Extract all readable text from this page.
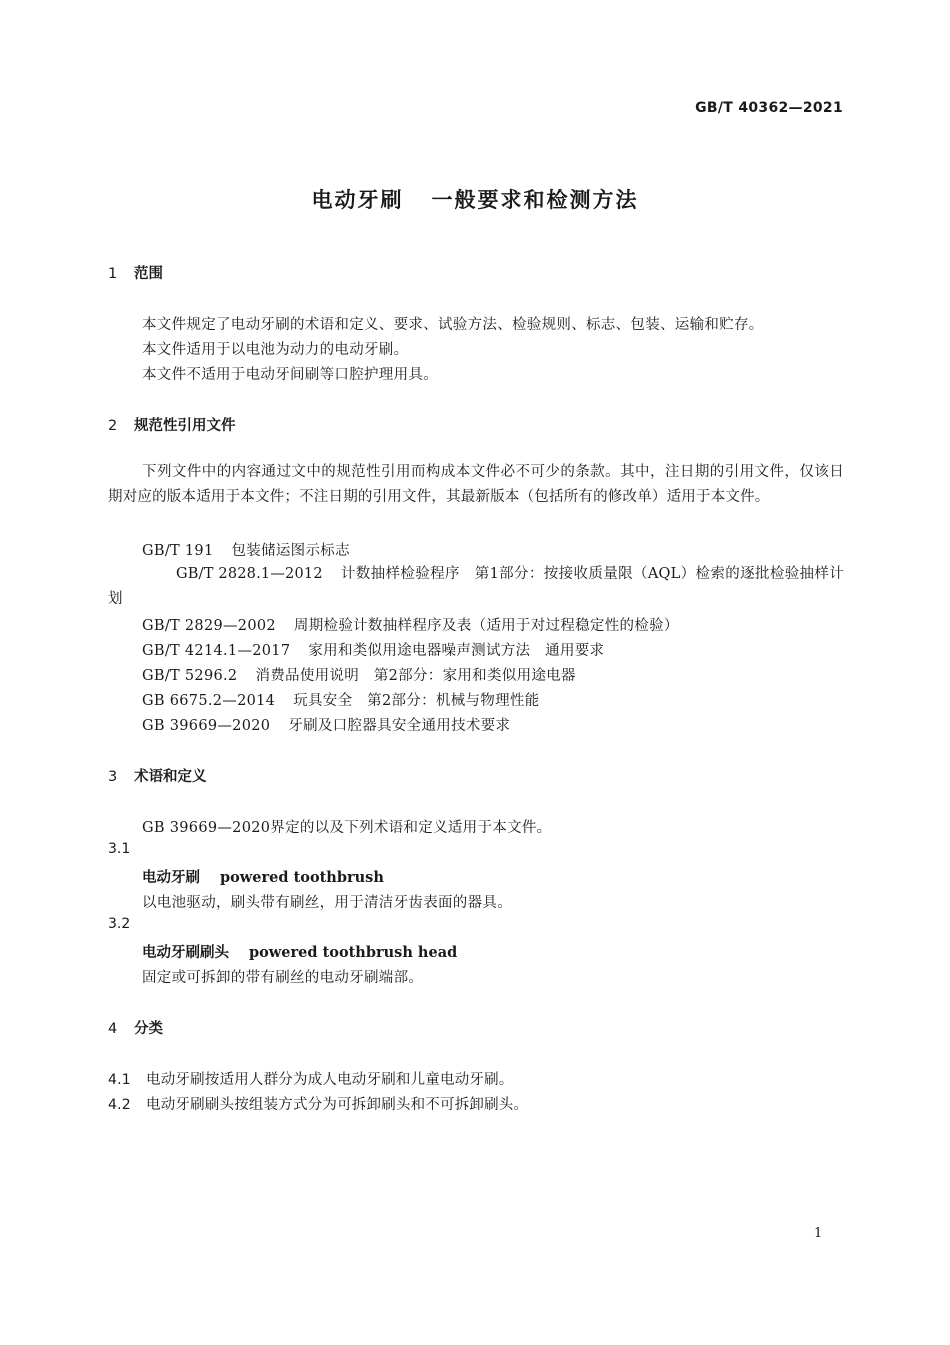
GB/T 40362—2021
电动牙刷 一般要求和检测方法
1 范围
本文件规定了电动牙刷的术语和定义、要求、试验方法、检验规则、标志、包装、运输和贮存。
本文件适用于以电池为动力的电动牙刷。
本文件不适用于电动牙间刷等口腔护理用具。
2 规范性引用文件
下列文件中的内容通过文中的规范性引用而构成本文件必不可少的条款。其中，注日期的引用文件，仅该日期对应的版本适用于本文件；不注日期的引用文件，其最新版本（包括所有的修改单）适用于本文件。
GB/T 191 包装储运图示标志
GB/T 2828.1—2012 计数抽样检验程序　第1部分：按接收质量限（AQL）检索的逐批检验抽样计划
GB/T 2829—2002 周期检验计数抽样程序及表（适用于对过程稳定性的检验）
GB/T 4214.1—2017 家用和类似用途电器噪声测试方法　通用要求
GB/T 5296.2 消费品使用说明　第2部分：家用和类似用途电器
GB 6675.2—2014 玩具安全　第2部分：机械与物理性能
GB 39669—2020 牙刷及口腔器具安全通用技术要求
3 术语和定义
GB 39669—2020界定的以及下列术语和定义适用于本文件。
3.1
电动牙刷 powered toothbrush
以电池驱动，刷头带有刷丝，用于清洁牙齿表面的器具。
3.2
电动牙刷刷头 powered toothbrush head
固定或可拆卸的带有刷丝的电动牙刷端部。
4 分类
4.1 电动牙刷按适用人群分为成人电动牙刷和儿童电动牙刷。
4.2 电动牙刷刷头按组装方式分为可拆卸刷头和不可拆卸刷头。
1
